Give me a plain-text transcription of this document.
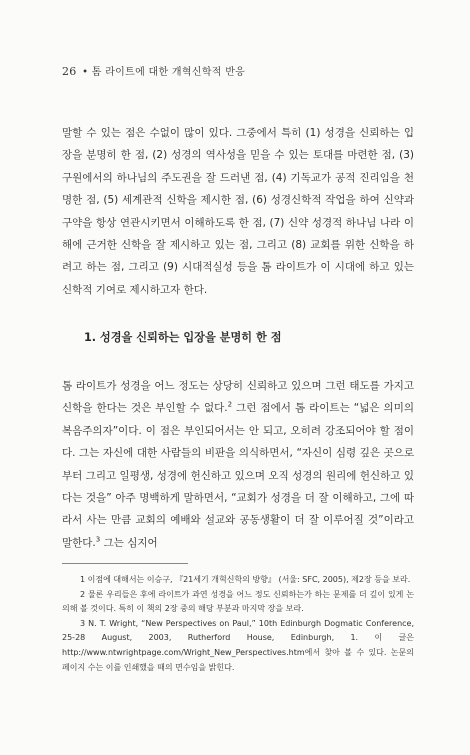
26 • 톰 라이트에 대한 개혁신학적 반응

말할 수 있는 점은 수없이 많이 있다. 그중에서 특히 (1) 성경을 신뢰하는 입장을 분명히 한 점, (2) 성경의 역사성을 믿을 수 있는 토대를 마련한 점, (3) 구원에서의 하나님의 주도권을 잘 드러낸 점, (4) 기독교가 공적 진리임을 천명한 점, (5) 세계관적 신학을 제시한 점, (6) 성경신학적 작업을 하여 신약과 구약을 항상 연관시키면서 이해하도록 한 점, (7) 신약 성경적 하나님 나라 이해에 근거한 신학을 잘 제시하고 있는 점, 그리고 (8) 교회를 위한 신학을 하려고 하는 점, 그리고 (9) 시대적실성 등을 톰 라이트가 이 시대에 하고 있는 신학적 기여로 제시하고자 한다.

1. 성경을 신뢰하는 입장을 분명히 한 점

톰 라이트가 성경을 어느 정도는 상당히 신뢰하고 있으며 그런 태도를 가지고 신학을 한다는 것은 부인할 수 없다.$^2$ 그런 점에서 톰 라이트는 “넓은 의미의 복음주의자”이다. 이 점은 부인되어서는 안 되고, 오히려 강조되어야 할 점이다. 그는 자신에 대한 사람들의 비판을 의식하면서, “자신이 심령 깊은 곳으로부터 그리고 일평생, 성경에 헌신하고 있으며 오직 성경의 원리에 헌신하고 있다는 것을” 아주 명백하게 말하면서, “교회가 성경을 더 잘 이해하고, 그에 따라서 사는 만큼 교회의 예배와 설교와 공동생활이 더 잘 이루어질 것”이라고 말한다.$^3$ 그는 심지어

1 이점에 대해서는 이승구, 『21세기 개혁신학의 방향』 (서울: SFC, 2005), 제2장 등을 보라.

2 물론 우리들은 후에 라이트가 과연 성경을 어느 정도 신뢰하는가 하는 문제를 더 깊이 있게 논의해 볼 것이다. 특히 이 책의 2장 중의 해당 부분과 마지막 장을 보라.

3 N. T. Wright, “New Perspectives on Paul,” 10th Edinburgh Dogmatic Conference, 25-28 August, 2003, Rutherford House, Edinburgh, 1. 이 글은 http://www.ntwrightpage.com/Wright_New_Perspectives.htm에서 찾아 볼 수 있다. 논문의 페이지 수는 이를 인쇄했을 때의 면수임을 밝힌다.
